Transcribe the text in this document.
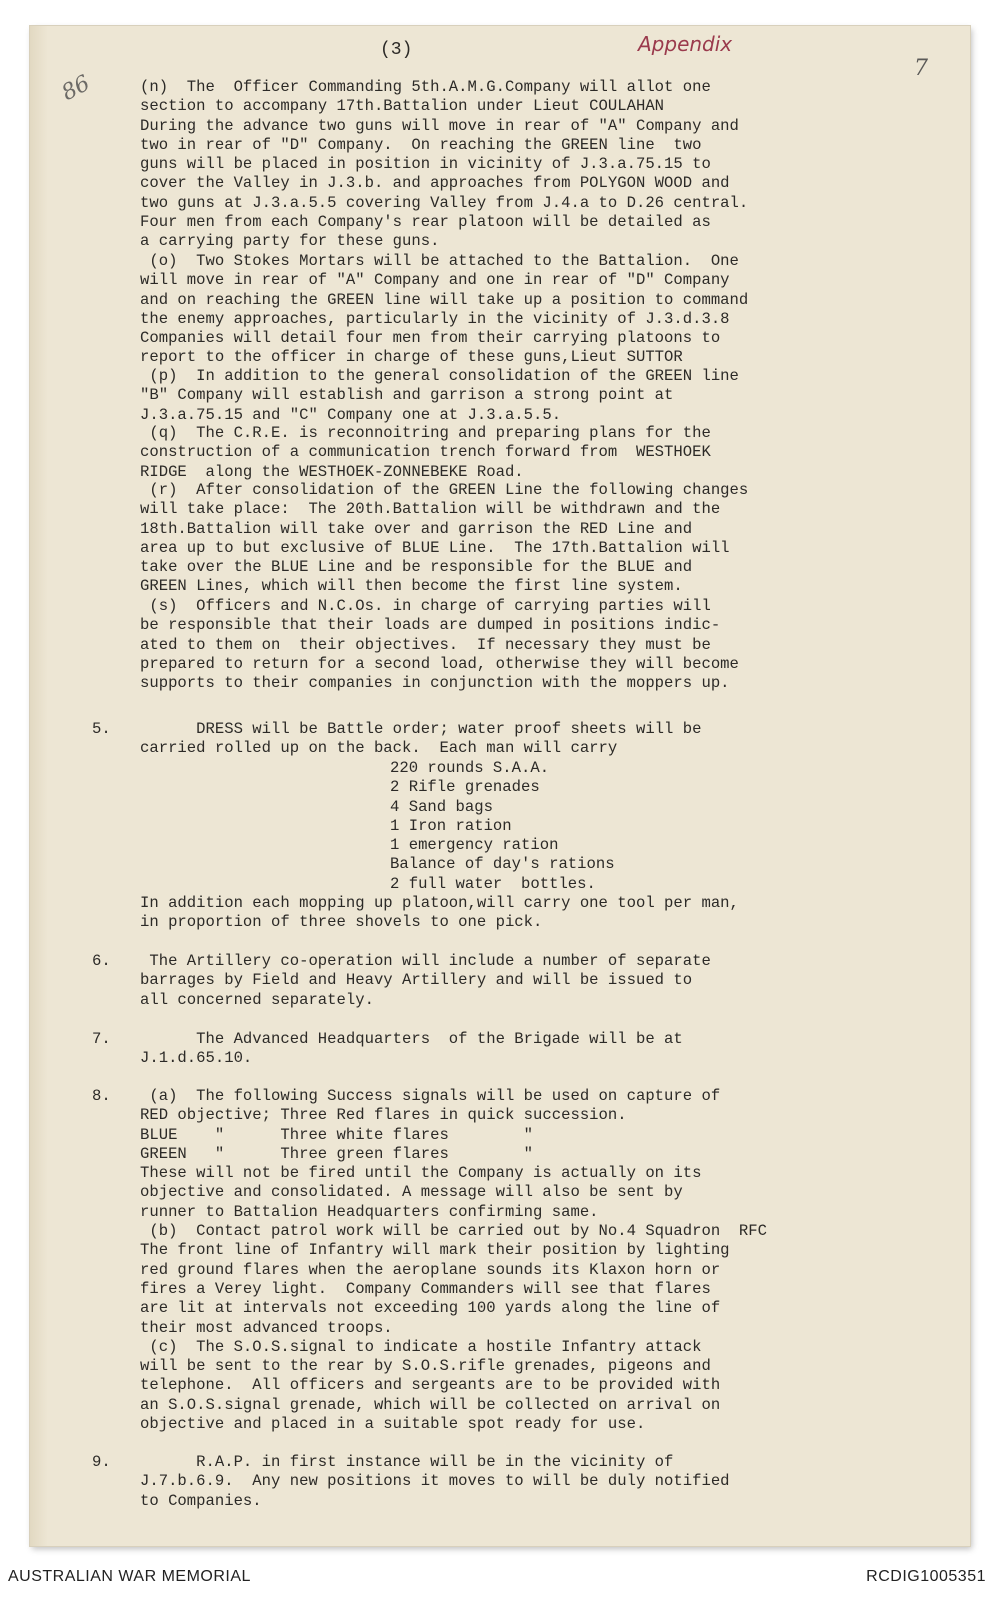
(3)	Appendix
86
7
(n)  The  Officer Commanding 5th.A.M.G.Company will allot one
section to accompany 17th.Battalion under Lieut COULAHAN
During the advance two guns will move in rear of "A" Company and
two in rear of "D" Company.  On reaching the GREEN line  two
guns will be placed in position in vicinity of J.3.a.75.15 to
cover the Valley in J.3.b. and approaches from POLYGON WOOD and
two guns at J.3.a.5.5 covering Valley from J.4.a to D.26 central.
Four men from each Company's rear platoon will be detailed as
a carrying party for these guns.
(o)  Two Stokes Mortars will be attached to the Battalion.  One
will move in rear of "A" Company and one in rear of "D" Company
and on reaching the GREEN line will take up a position to command
the enemy approaches, particularly in the vicinity of J.3.d.3.8
Companies will detail four men from their carrying platoons to
report to the officer in charge of these guns,Lieut SUTTOR
(p)  In addition to the general consolidation of the GREEN line
"B" Company will establish and garrison a strong point at
J.3.a.75.15 and "C" Company one at J.3.a.5.5.
(q)  The C.R.E. is reconnoitring and preparing plans for the
construction of a communication trench forward from  WESTHOEK
RIDGE  along the WESTHOEK-ZONNEBEKE Road.
(r)  After consolidation of the GREEN Line the following changes
will take place:  The 20th.Battalion will be withdrawn and the
18th.Battalion will take over and garrison the RED Line and
area up to but exclusive of BLUE Line.  The 17th.Battalion will
take over the BLUE Line and be responsible for the BLUE and
GREEN Lines, which will then become the first line system.
(s)  Officers and N.C.Os. in charge of carrying parties will
be responsible that their loads are dumped in positions indic-
ated to them on  their objectives.  If necessary they must be
prepared to return for a second load, otherwise they will become
supports to their companies in conjunction with the moppers up.
5. DRESS will be Battle order; water proof sheets will be
carried rolled up on the back.  Each man will carry
220 rounds S.A.A.
2 Rifle grenades
4 Sand bags
1 Iron ration
1 emergency ration
Balance of day's rations
2 full water  bottles.
In addition each mopping up platoon,will carry one tool per man,
in proportion of three shovels to one pick.
6. The Artillery co-operation will include a number of separate
barrages by Field and Heavy Artillery and will be issued to
all concerned separately.
7. The Advanced Headquarters  of the Brigade will be at
J.1.d.65.10.
8. (a)  The following Success signals will be used on capture of
RED objective; Three Red flares in quick succession.
BLUE    "      Three white flares        "
GREEN   "      Three green flares        "
These will not be fired until the Company is actually on its
objective and consolidated. A message will also be sent by
runner to Battalion Headquarters confirming same.
(b)  Contact patrol work will be carried out by No.4 Squadron  RFC
The front line of Infantry will mark their position by lighting
red ground flares when the aeroplane sounds its Klaxon horn or
fires a Verey light.  Company Commanders will see that flares
are lit at intervals not exceeding 100 yards along the line of
their most advanced troops.
(c)  The S.O.S.signal to indicate a hostile Infantry attack
will be sent to the rear by S.O.S.rifle grenades, pigeons and
telephone.  All officers and sergeants are to be provided with
an S.O.S.signal grenade, which will be collected on arrival on
objective and placed in a suitable spot ready for use.
9. R.A.P. in first instance will be in the vicinity of
J.7.b.6.9.  Any new positions it moves to will be duly notified
to Companies.
AUSTRALIAN WAR MEMORIAL	RCDIG1005351
